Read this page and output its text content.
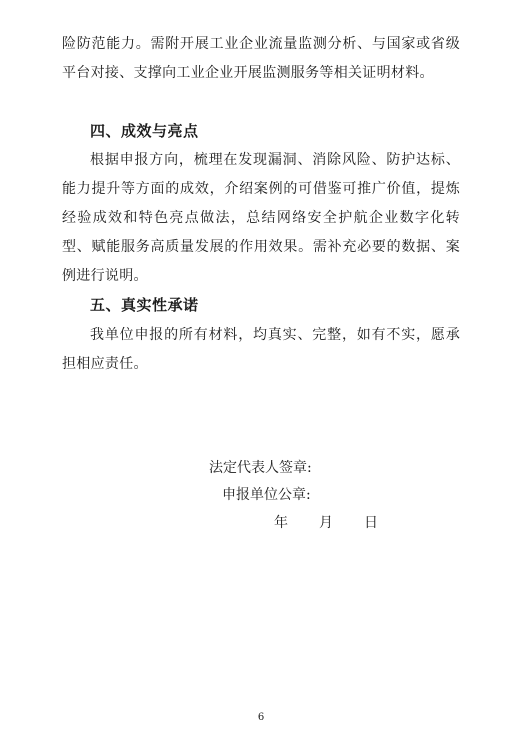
险防范能力。需附开展工业企业流量监测分析、与国家或省级平台对接、支撑向工业企业开展监测服务等相关证明材料。

四、成效与亮点

根据申报方向，梳理在发现漏洞、消除风险、防护达标、能力提升等方面的成效，介绍案例的可借鉴可推广价值，提炼经验成效和特色亮点做法，总结网络安全护航企业数字化转型、赋能服务高质量发展的作用效果。需补充必要的数据、案例进行说明。

五、真实性承诺

我单位申报的所有材料，均真实、完整，如有不实，愿承担相应责任。

法定代表人签章:
申报单位公章:
年 月 日
6
